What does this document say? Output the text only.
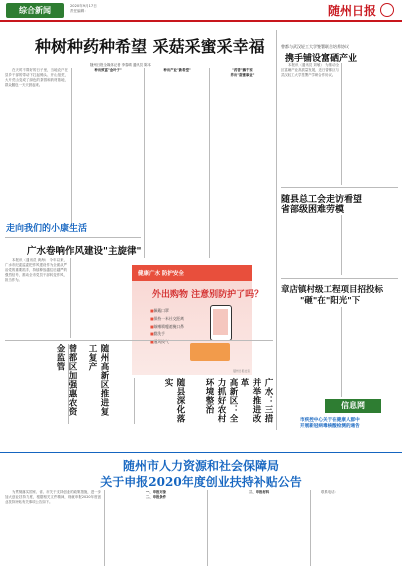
综合新闻	2020年9月17日
责任编辑：	随州日报
种树种药种希望 采菇采蜜采幸福
随州日报全媒体记者 李春晴 通讯员 陈本

在天时不算好的日子里，当地农户在县乡干部的带动下扛起锄头、开山垦荒，大片荒山变成了绿色的茶园和药材基地，群众腰包一天天鼓起来。

种出致富"金叶子"	种出产业"新希望"	"药香"飘千家

养出"甜蜜事业"

走向我们的小康生活
广水卷响作风建设"主旋律"

本报讯（通讯员 黄海） 今年以来，广水市纪委监委把作风建设作为全面从严治党的重要抓手，持续释放越往后越严的强烈信号，推动全市党员干部转变作风、担当作为。

健康广水 防护安全
外出购物 注意别防护了吗？
■ 佩戴口罩
■ 保持一米社交距离
■ 咳嗽喷嚏遮掩口鼻
■ 勤洗手
■ 通风换气
随州日报社宣
曾都区加强惠农资金监管	随州高新区推进复工复产
随县深化落实	高新区：全力抓好农村环境整治	广水：三措并举推进改革
曾都与武汉轻工大学签署联合培养协议
携手铺设富硒产业

本报讯（通讯员 刘敏） 为推动全区富硒产业高质量发展，近日曾都区与武汉轻工大学签署产学研合作协议。

随县总工会走访看望
省部级困难劳模
章店镇村级工程项目招投标
"砸"在"阳光"下
信息网
市疾控中心关于在健康人群中
开展新冠病毒核酸检测的通告
随州市人力资源和社会保障局
关于申报2020年度创业扶持补贴公告

为贯彻落实国家、省、市关于支持创业的政策措施，进一步加大创业扶持力度，根据相关文件精神，现就申报2020年度创业扶持补贴有关事项公告如下。

一、申报对象

二、申报条件

三、申报材料	联系电话：
